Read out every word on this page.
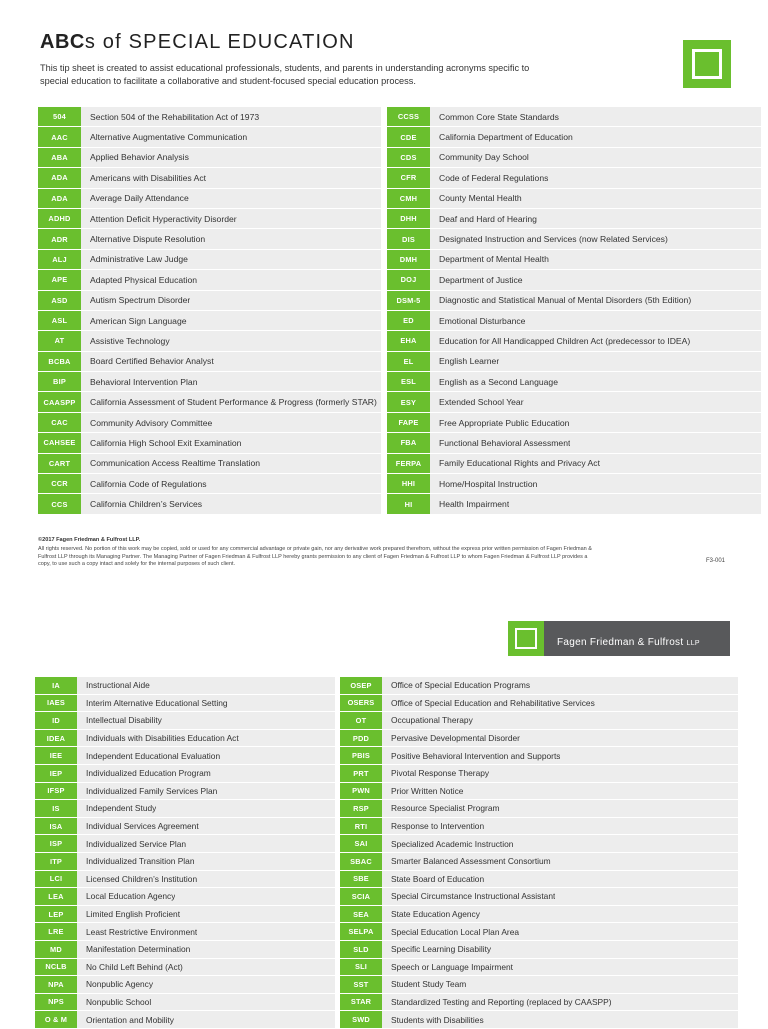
ABCs of SPECIAL EDUCATION
This tip sheet is created to assist educational professionals, students, and parents in understanding acronyms specific to special education to facilitate a collaborative and student-focused special education process.
504	Section 504 of the Rehabilitation Act of 1973
AAC	Alternative Augmentative Communication
ABA	Applied Behavior Analysis
ADA	Americans with Disabilities Act
ADA	Average Daily Attendance
ADHD	Attention Deficit Hyperactivity Disorder
ADR	Alternative Dispute Resolution
ALJ	Administrative Law Judge
APE	Adapted Physical Education
ASD	Autism Spectrum Disorder
ASL	American Sign Language
AT	Assistive Technology
BCBA	Board Certified Behavior Analyst
BIP	Behavioral Intervention Plan
CAASPP	California Assessment of Student Performance & Progress (formerly STAR)
CAC	Community Advisory Committee
CAHSEE	California High School Exit Examination
CART	Communication Access Realtime Translation
CCR	California Code of Regulations
CCS	California Children’s Services
CCSS	Common Core State Standards
CDE	California Department of Education
CDS	Community Day School
CFR	Code of Federal Regulations
CMH	County Mental Health
DHH	Deaf and Hard of Hearing
DIS	Designated Instruction and Services (now Related Services)
DMH	Department of Mental Health
DOJ	Department of Justice
DSM-5	Diagnostic and Statistical Manual of Mental Disorders (5th Edition)
ED	Emotional Disturbance
EHA	Education for All Handicapped Children Act (predecessor to IDEA)
EL	English Learner
ESL	English as a Second Language
ESY	Extended School Year
FAPE	Free Appropriate Public Education
FBA	Functional Behavioral Assessment
FERPA	Family Educational Rights and Privacy Act
HHI	Home/Hospital Instruction
HI	Health Impairment
©2017 Fagen Friedman & Fulfrost LLP.
All rights reserved. No portion of this work may be copied, sold or used for any commercial advantage or private gain, nor any derivative work prepared therefrom, without the express prior written permission of Fagen Friedman & Fulfrost LLP through its Managing Partner. The Managing Partner of Fagen Friedman & Fulfrost LLP hereby grants permission to any client of Fagen Friedman & Fulfrost LLP to whom Fagen Friedman & Fulfrost LLP provides a copy, to use such a copy intact and solely for the internal purposes of such client.	F3-001
Fagen Friedman & Fulfrost LLP
IA	Instructional Aide
IAES	Interim Alternative Educational Setting
ID	Intellectual Disability
IDEA	Individuals with Disabilities Education Act
IEE	Independent Educational Evaluation
IEP	Individualized Education Program
IFSP	Individualized Family Services Plan
IS	Independent Study
ISA	Individual Services Agreement
ISP	Individualized Service Plan
ITP	Individualized Transition Plan
LCI	Licensed Children’s Institution
LEA	Local Education Agency
LEP	Limited English Proficient
LRE	Least Restrictive Environment
MD	Manifestation Determination
NCLB	No Child Left Behind (Act)
NPA	Nonpublic Agency
NPS	Nonpublic School
O & M	Orientation and Mobility
OSEP	Office of Special Education Programs
OSERS	Office of Special Education and Rehabilitative Services
OT	Occupational Therapy
PDD	Pervasive Developmental Disorder
PBIS	Positive Behavioral Intervention and Supports
PRT	Pivotal Response Therapy
PWN	Prior Written Notice
RSP	Resource Specialist Program
RTI	Response to Intervention
SAI	Specialized Academic Instruction
SBAC	Smarter Balanced Assessment Consortium
SBE	State Board of Education
SCIA	Special Circumstance Instructional Assistant
SEA	State Education Agency
SELPA	Special Education Local Plan Area
SLD	Specific Learning Disability
SLI	Speech or Language Impairment
SST	Student Study Team
STAR	Standardized Testing and Reporting (replaced by CAASPP)
SWD	Students with Disabilities
